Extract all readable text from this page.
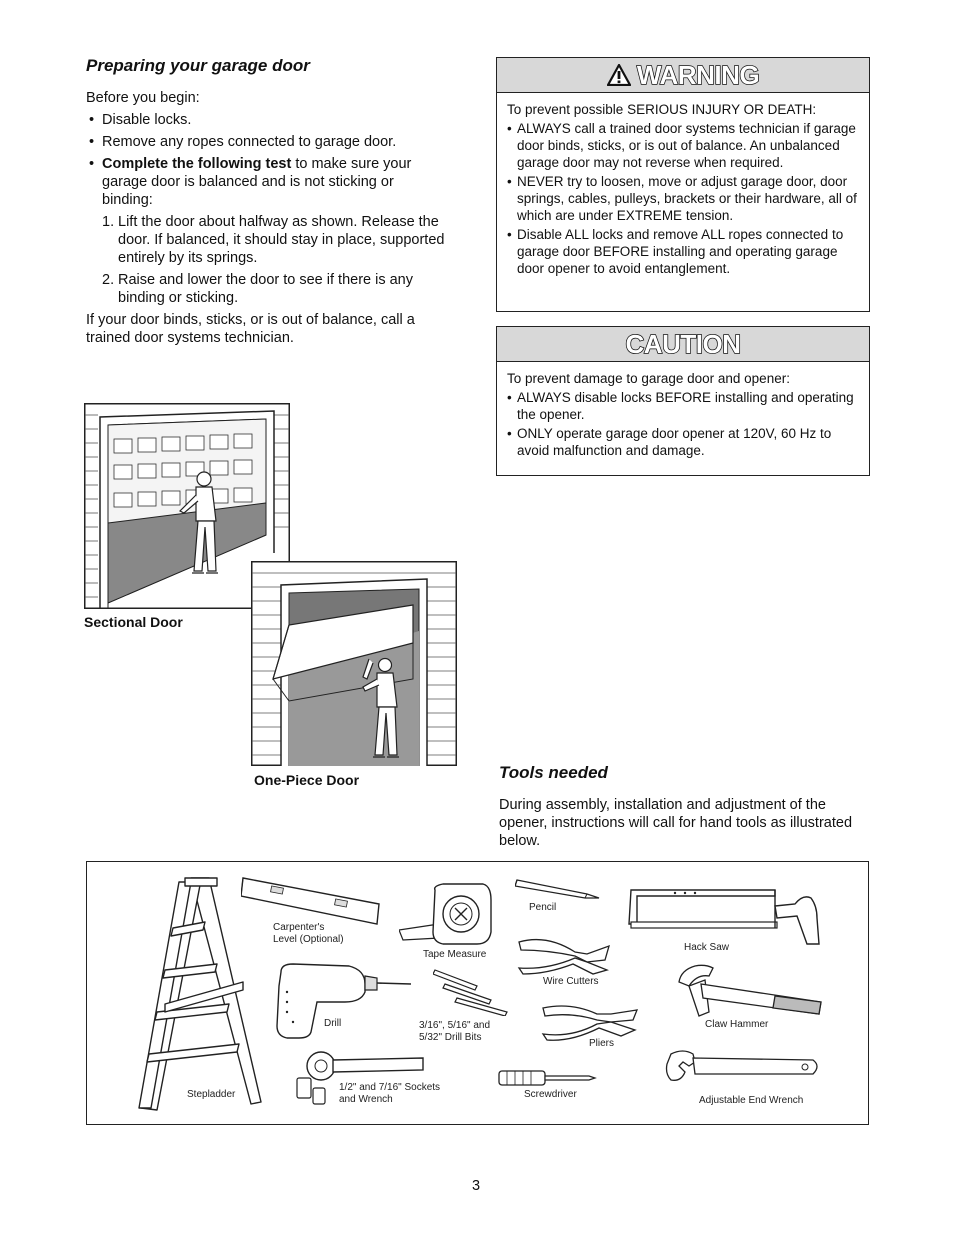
Preparing your garage door

Before you begin:

• Disable locks.

• Remove any ropes connected to garage door.

• Complete the following test to make sure your garage door is balanced and is not sticking or binding:

1. Lift the door about halfway as shown. Release the door. If balanced, it should stay in place, supported entirely by its springs.

2. Raise and lower the door to see if there is any binding or sticking.

If your door binds, sticks, or is out of balance, call a trained door systems technician.

WARNING

To prevent possible SERIOUS INJURY OR DEATH:

• ALWAYS call a trained door systems technician if garage door binds, sticks, or is out of balance. An unbalanced garage door may not reverse when required.

• NEVER try to loosen, move or adjust garage door, door springs, cables, pulleys, brackets or their hardware, all of which are under EXTREME tension.

• Disable ALL locks and remove ALL ropes connected to garage door BEFORE installing and operating garage door opener to avoid entanglement.

CAUTION

To prevent damage to garage door and opener:

• ALWAYS disable locks BEFORE installing and operating the opener.

• ONLY operate garage door opener at 120V, 60 Hz to avoid malfunction and damage.

Sectional Door
One-Piece Door	Tools needed
During assembly, installation and adjustment of the opener, instructions will call for hand tools as illustrated below.
Stepladder
Carpenter's
Level (Optional)
Tape Measure
Pencil
Hack Saw
Wire Cutters
Drill	3/16", 5/16" and
5/32" Drill Bits
Pliers
Claw Hammer
1/2" and 7/16" Sockets
and Wrench	Screwdriver
Adjustable End Wrench
3
